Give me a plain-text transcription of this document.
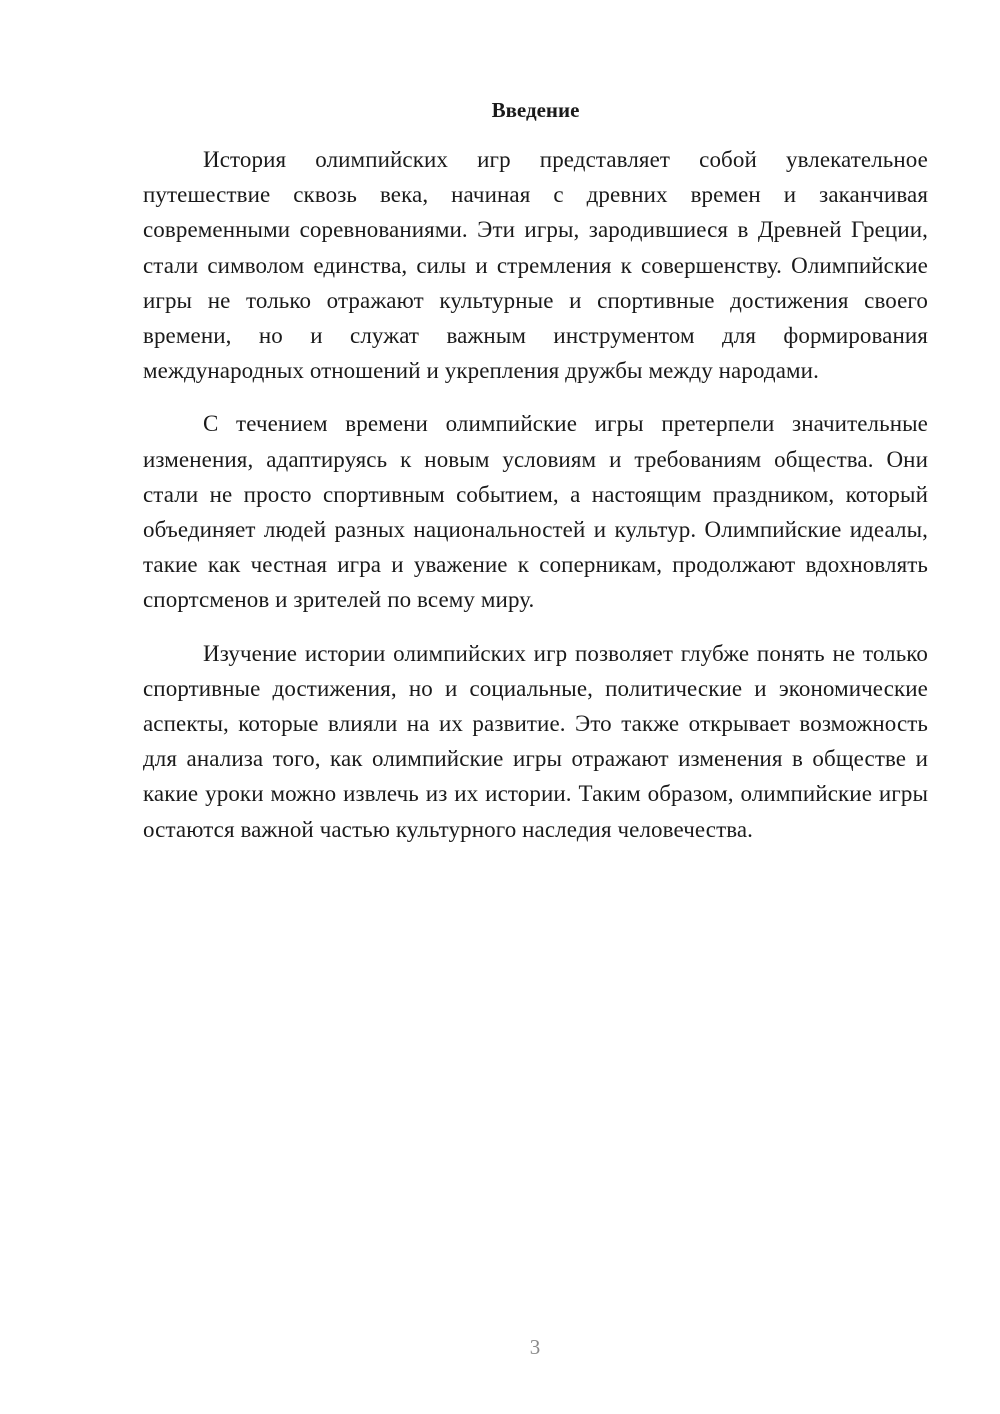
Введение

История олимпийских игр представляет собой увлекательное путешествие сквозь века, начиная с древних времен и заканчивая современными соревнованиями. Эти игры, зародившиеся в Древней Греции, стали символом единства, силы и стремления к совершенству. Олимпийские игры не только отражают культурные и спортивные достижения своего времени, но и служат важным инструментом для формирования международных отношений и укрепления дружбы между народами.

С течением времени олимпийские игры претерпели значительные изменения, адаптируясь к новым условиям и требованиям общества. Они стали не просто спортивным событием, а настоящим праздником, который объединяет людей разных национальностей и культур. Олимпийские идеалы, такие как честная игра и уважение к соперникам, продолжают вдохновлять спортсменов и зрителей по всему миру.

Изучение истории олимпийских игр позволяет глубже понять не только спортивные достижения, но и социальные, политические и экономические аспекты, которые влияли на их развитие. Это также открывает возможность для анализа того, как олимпийские игры отражают изменения в обществе и какие уроки можно извлечь из их истории. Таким образом, олимпийские игры остаются важной частью культурного наследия человечества.

3
